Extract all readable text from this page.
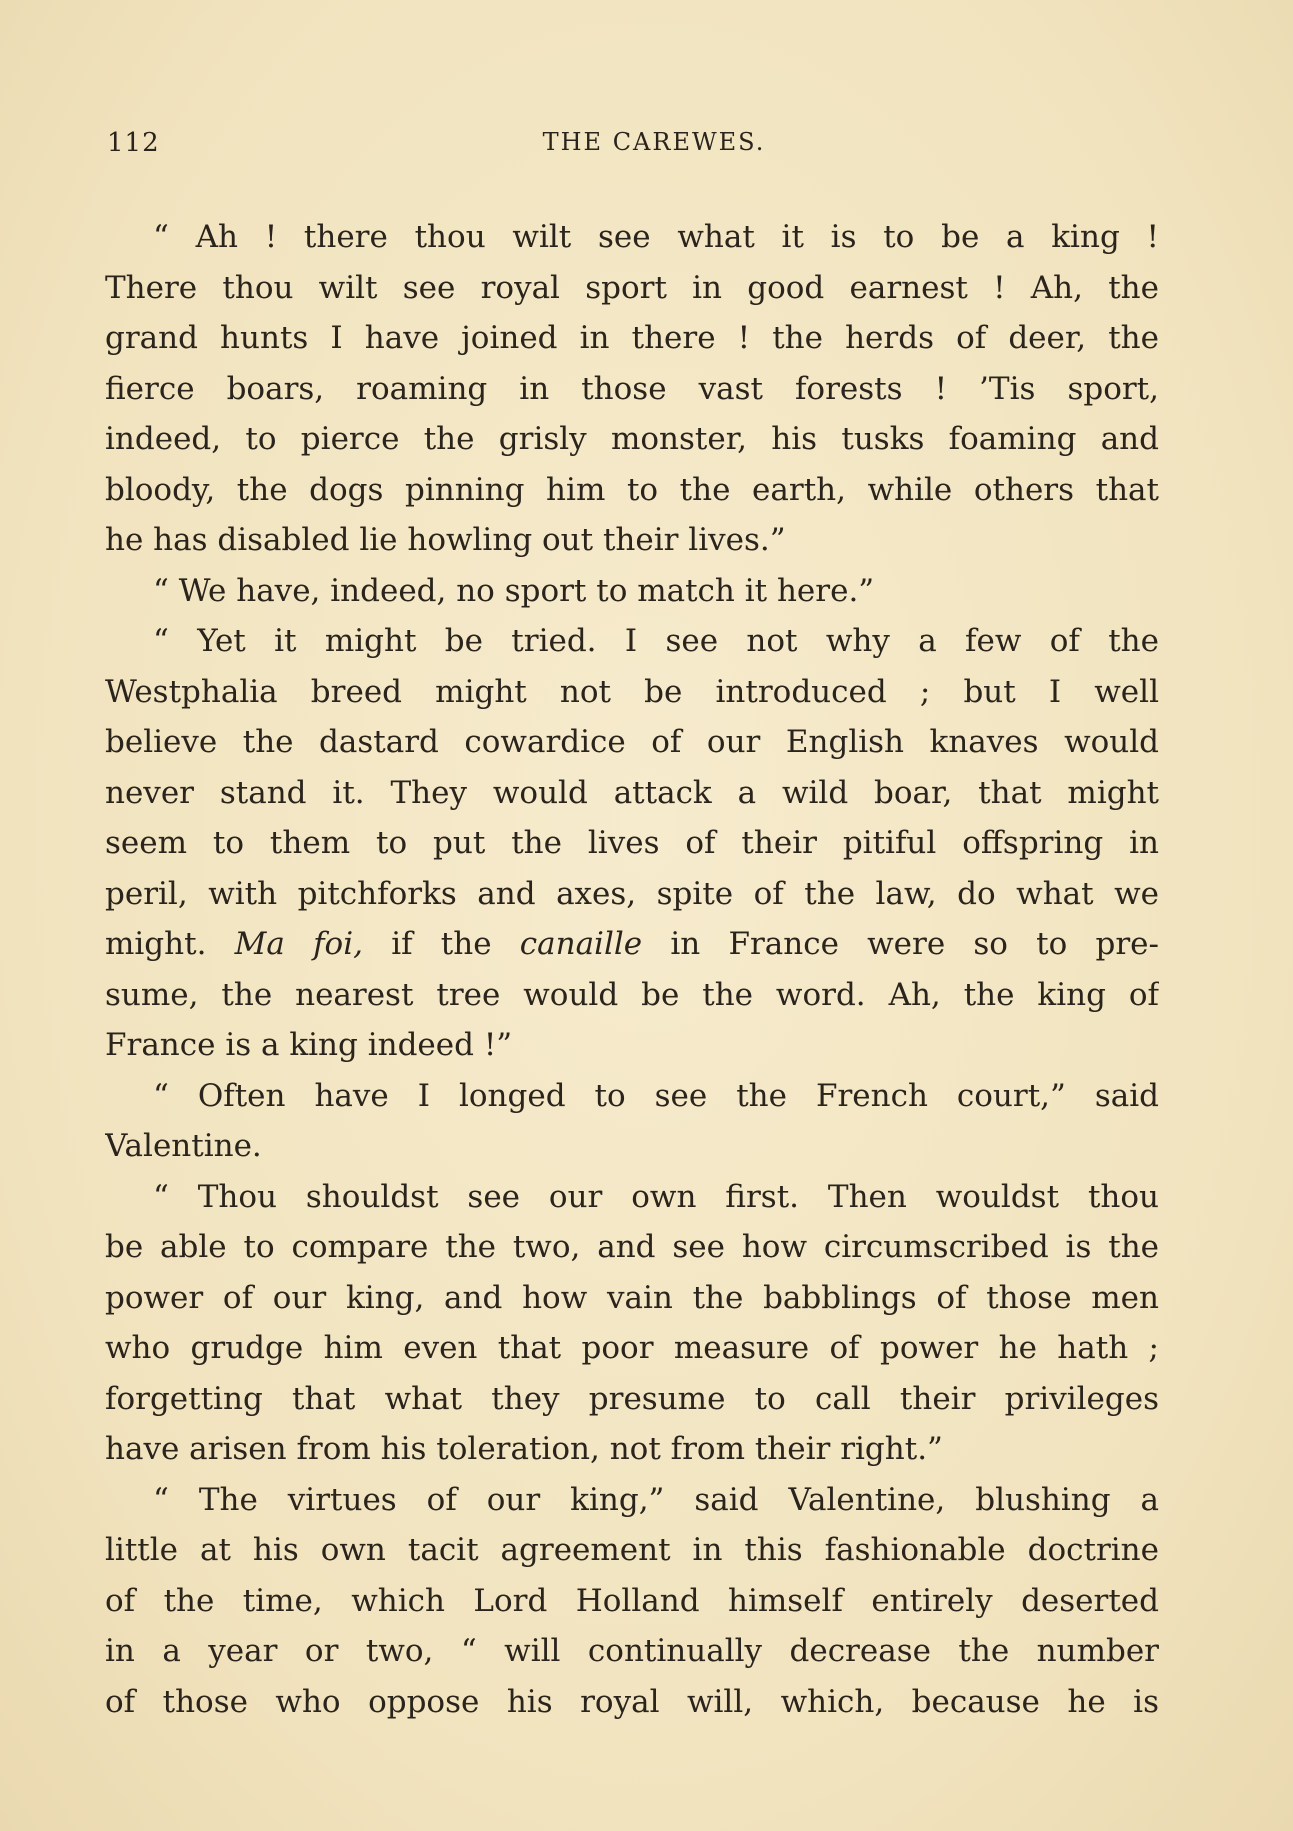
112	THE CAREWES.
“ Ah ! there thou wilt see what it is to be a king !
There thou wilt see royal sport in good earnest ! Ah, the
grand hunts I have joined in there ! the herds of deer, the
fierce boars, roaming in those vast forests ! ’Tis sport,
indeed, to pierce the grisly monster, his tusks foaming and
bloody, the dogs pinning him to the earth, while others that
he has disabled lie howling out their lives.”
“ We have, indeed, no sport to match it here.”
“ Yet it might be tried. I see not why a few of the
Westphalia breed might not be introduced ; but I well
believe the dastard cowardice of our English knaves would
never stand it. They would attack a wild boar, that might
seem to them to put the lives of their pitiful offspring in
peril, with pitchforks and axes, spite of the law, do what we
might. Ma foi, if the canaille in France were so to pre-
sume, the nearest tree would be the word. Ah, the king of
France is a king indeed !”
“ Often have I longed to see the French court,” said
Valentine.
“ Thou shouldst see our own first. Then wouldst thou
be able to compare the two, and see how circumscribed is the
power of our king, and how vain the babblings of those men
who grudge him even that poor measure of power he hath ;
forgetting that what they presume to call their privileges
have arisen from his toleration, not from their right.”
“ The virtues of our king,” said Valentine, blushing a
little at his own tacit agreement in this fashionable doctrine
of the time, which Lord Holland himself entirely deserted
in a year or two, “ will continually decrease the number
of those who oppose his royal will, which, because he is
